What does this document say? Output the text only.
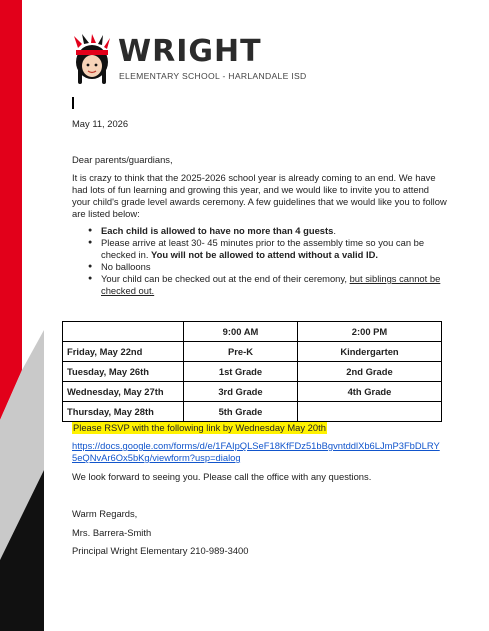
WRIGHT
ELEMENTARY SCHOOL - HARLANDALE ISD
May 11, 2026
Dear parents/guardians,
It is crazy to think that the 2025-2026 school year is already coming to an end. We have had lots of fun learning and growing this year, and we would like to invite you to attend your child's grade level awards ceremony. A few guidelines that we would like you to follow are listed below:
● Each child is allowed to have no more than 4 guests.
● Please arrive at least 30- 45 minutes prior to the assembly time so you can be checked in. You will not be allowed to attend without a valid ID.
● No balloons
● Your child can be checked out at the end of their ceremony, but siblings cannot be checked out.
	9:00 AM	2:00 PM
Friday, May 22nd	Pre-K	Kindergarten
Tuesday, May 26th	1st Grade	2nd Grade
Wednesday, May 27th	3rd Grade	4th Grade
Thursday, May 28th	5th Grade	
Please RSVP with the following link by Wednesday May 20th
https://docs.google.com/forms/d/e/1FAIpQLSeF18KfFDz51bBgvntddlXb6LJmP3FbDLRY5eQNvAr6Ox5bKg/viewform?usp=dialog
We look forward to seeing you. Please call the office with any questions.
Warm Regards,
Mrs. Barrera-Smith
Principal Wright Elementary 210-989-3400
